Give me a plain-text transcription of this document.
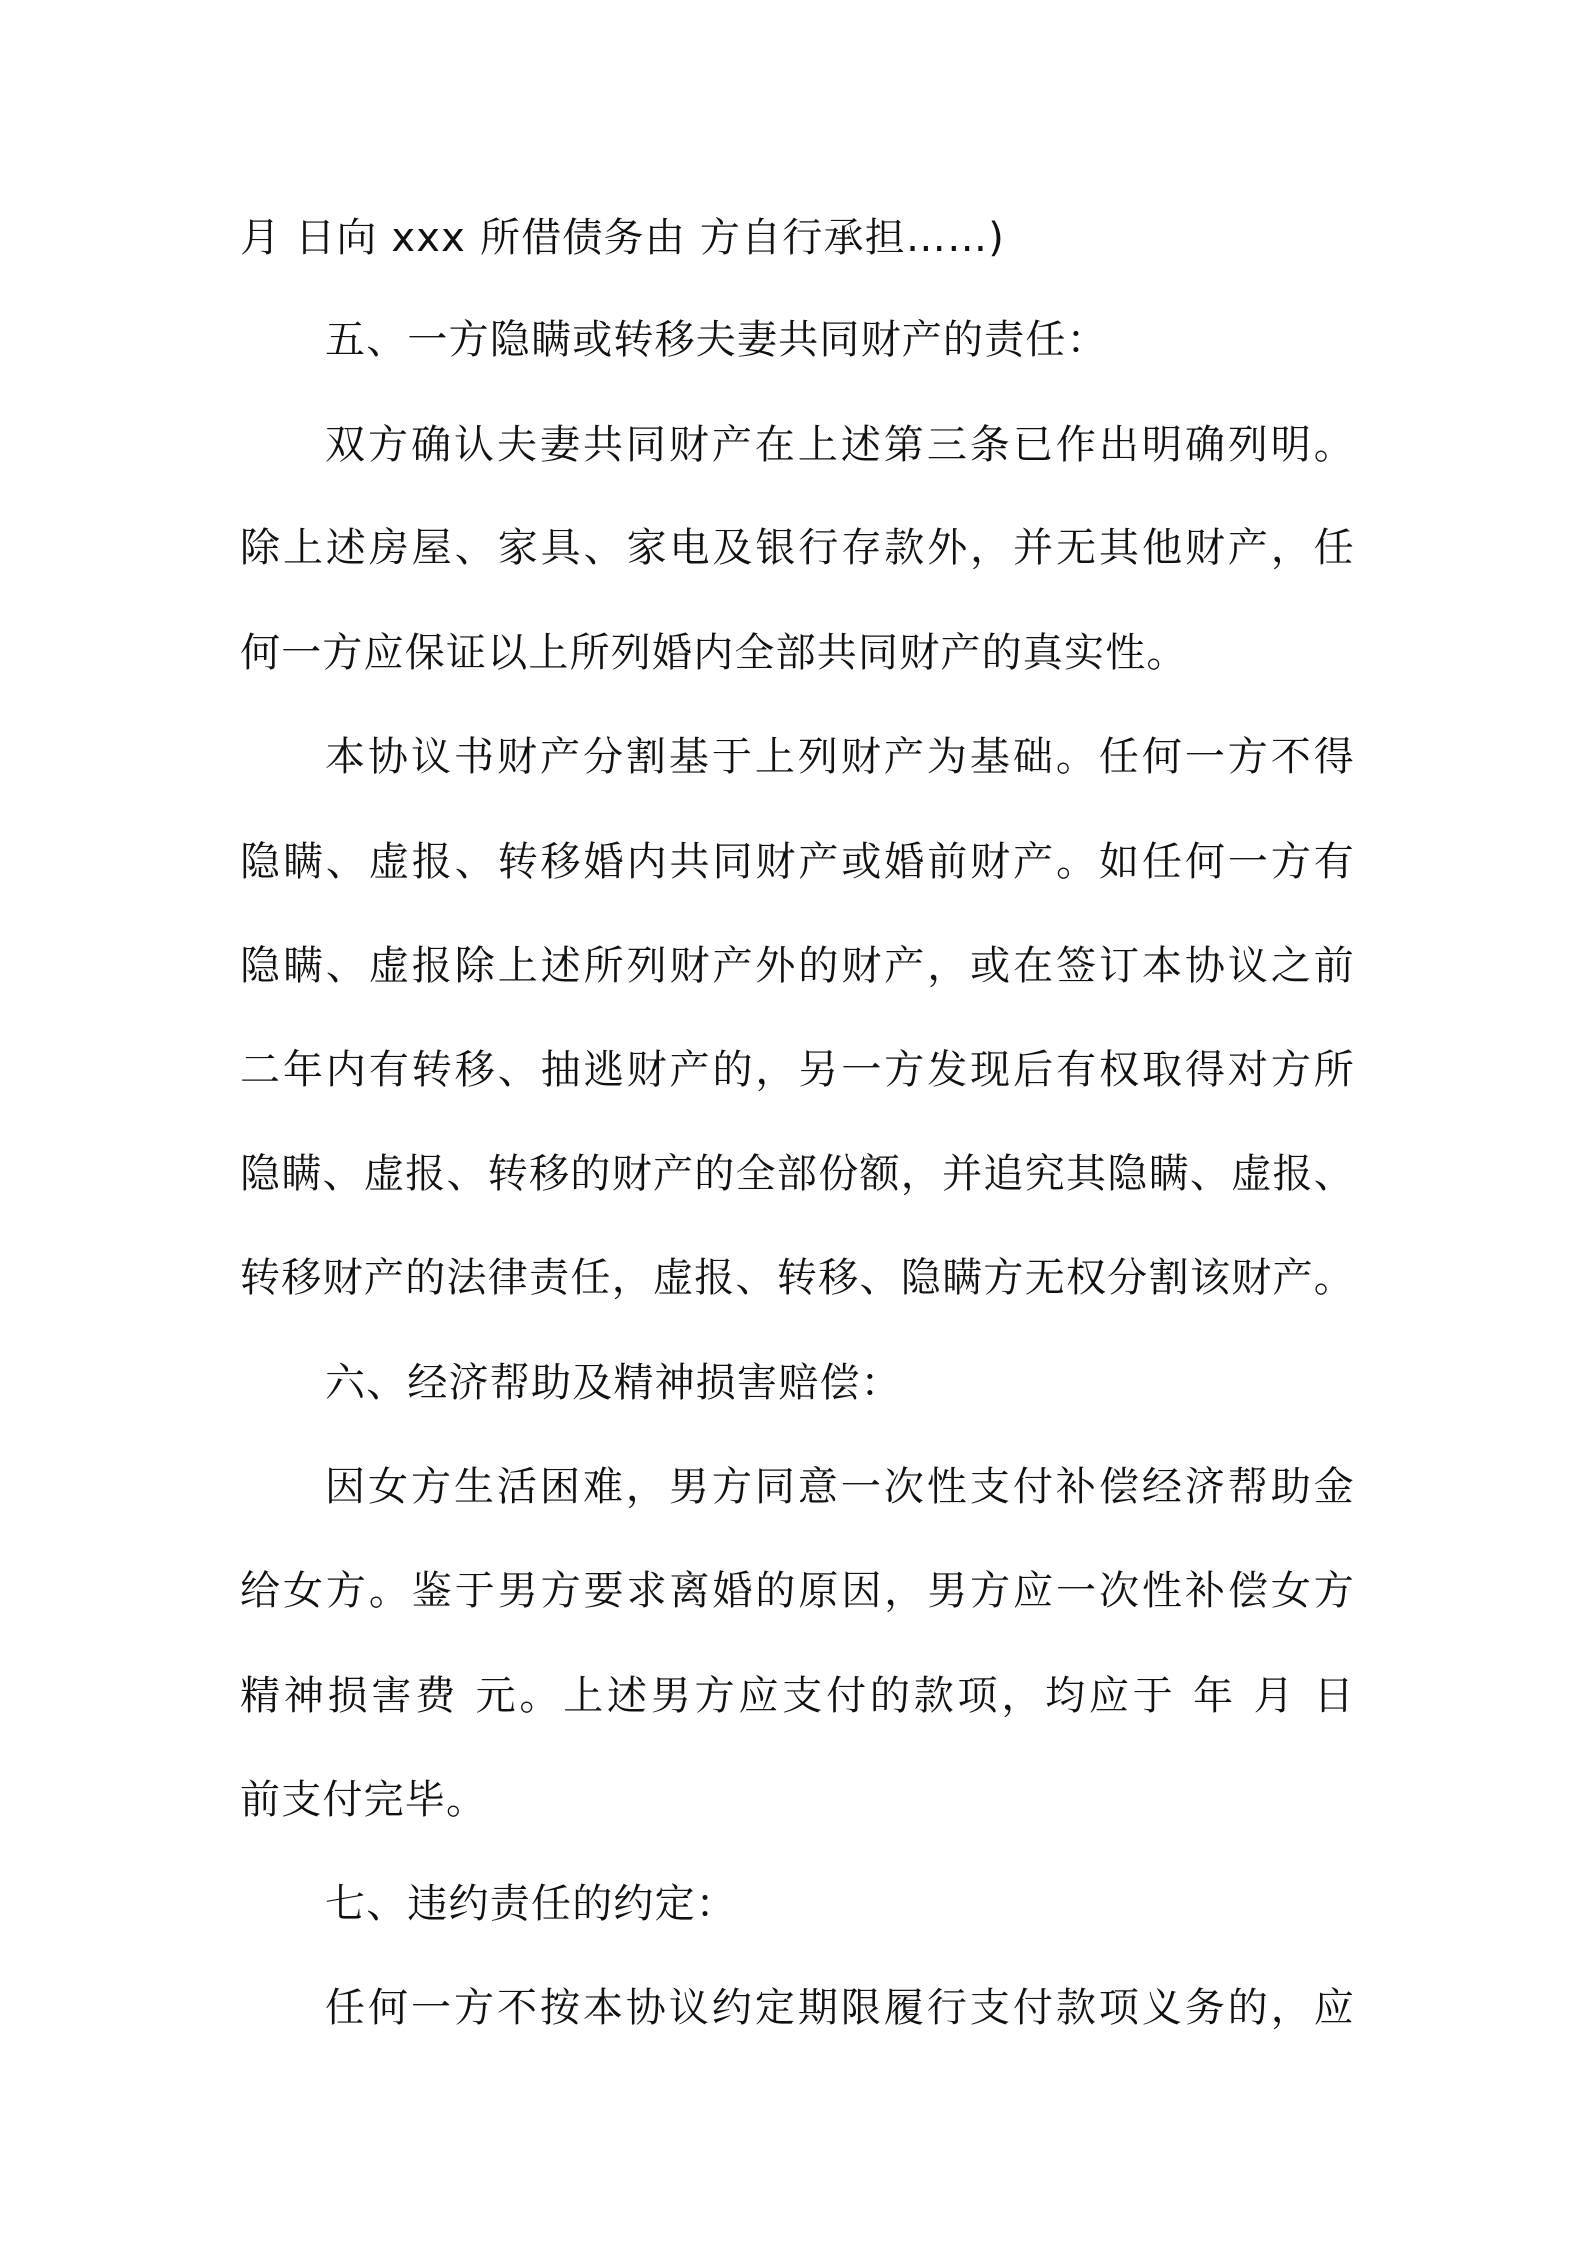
月 日向 xxx 所借债务由 方自行承担……)
五、一方隐瞒或转移夫妻共同财产的责任：
双方确认夫妻共同财产在上述第三条已作出明确列明。
除上述房屋、家具、家电及银行存款外，并无其他财产，任
何一方应保证以上所列婚内全部共同财产的真实性。
本协议书财产分割基于上列财产为基础。任何一方不得
隐瞒、虚报、转移婚内共同财产或婚前财产。如任何一方有
隐瞒、虚报除上述所列财产外的财产，或在签订本协议之前
二年内有转移、抽逃财产的，另一方发现后有权取得对方所
隐瞒、虚报、转移的财产的全部份额，并追究其隐瞒、虚报、
转移财产的法律责任，虚报、转移、隐瞒方无权分割该财产。
六、经济帮助及精神损害赔偿：
因女方生活困难，男方同意一次性支付补偿经济帮助金
给女方。鉴于男方要求离婚的原因，男方应一次性补偿女方
精神损害费 元。上述男方应支付的款项，均应于 年 月 日
前支付完毕。
七、违约责任的约定：
任何一方不按本协议约定期限履行支付款项义务的，应
